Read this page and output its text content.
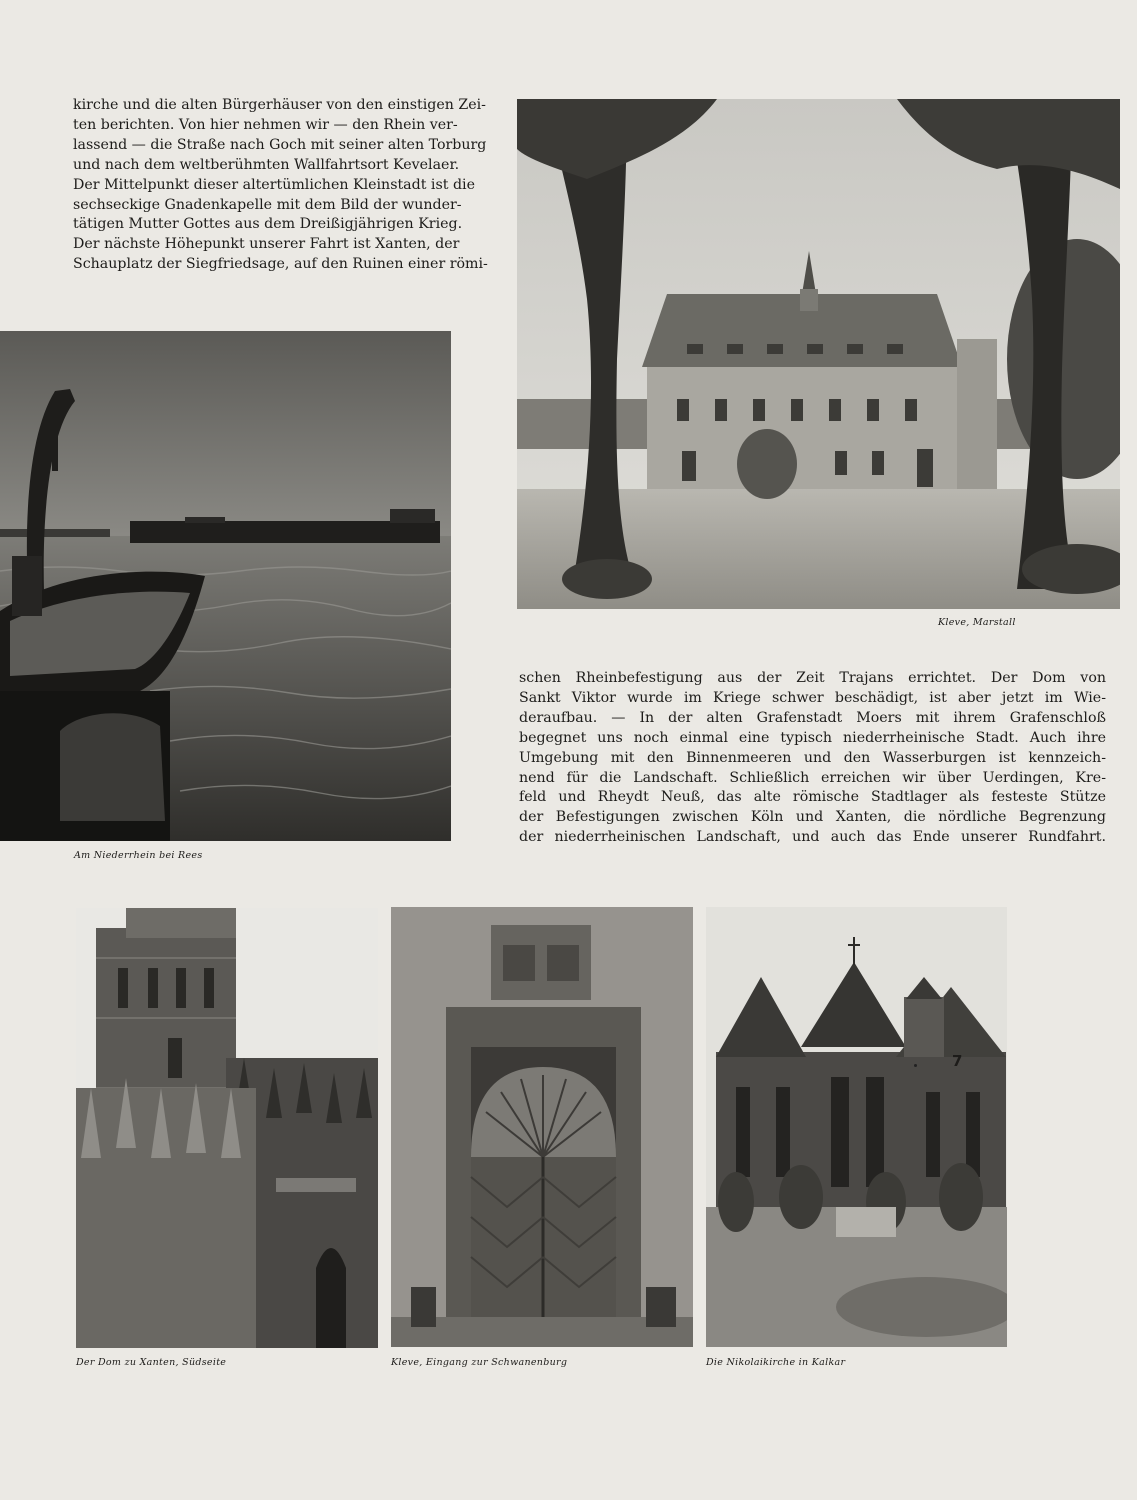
kirche und die alten Bürgerhäuser von den einstigen Zei-
ten berichten. Von hier nehmen wir — den Rhein ver-
lassend — die Straße nach Goch mit seiner alten Torburg
und nach dem weltberühmten Wallfahrtsort Kevelaer.
Der Mittelpunkt dieser altertümlichen Kleinstadt ist die
sechseckige Gnadenkapelle mit dem Bild der wunder-
tätigen Mutter Gottes aus dem Dreißigjährigen Krieg.
Der nächste Höhepunkt unserer Fahrt ist Xanten, der
Schauplatz der Siegfriedsage, auf den Ruinen einer römi-
Kleve, Marstall
Am Niederrhein bei Rees
schen Rheinbefestigung aus der Zeit Trajans errichtet. Der Dom von
Sankt Viktor wurde im Kriege schwer beschädigt, ist aber jetzt im Wie-
deraufbau. — In der alten Grafenstadt Moers mit ihrem Grafenschloß
begegnet uns noch einmal eine typisch niederrheinische Stadt. Auch ihre
Umgebung mit den Binnenmeeren und den Wasserburgen ist kennzeich-
nend für die Landschaft. Schließlich erreichen wir über Uerdingen, Kre-
feld und Rheydt Neuß, das alte römische Stadtlager als festeste Stütze
der Befestigungen zwischen Köln und Xanten, die nördliche Begrenzung
der niederrheinischen Landschaft, und auch das Ende unserer Rundfahrt.
Der Dom zu Xanten, Südseite	Kleve, Eingang zur Schwanenburg	Die Nikolaikirche in Kalkar
7
